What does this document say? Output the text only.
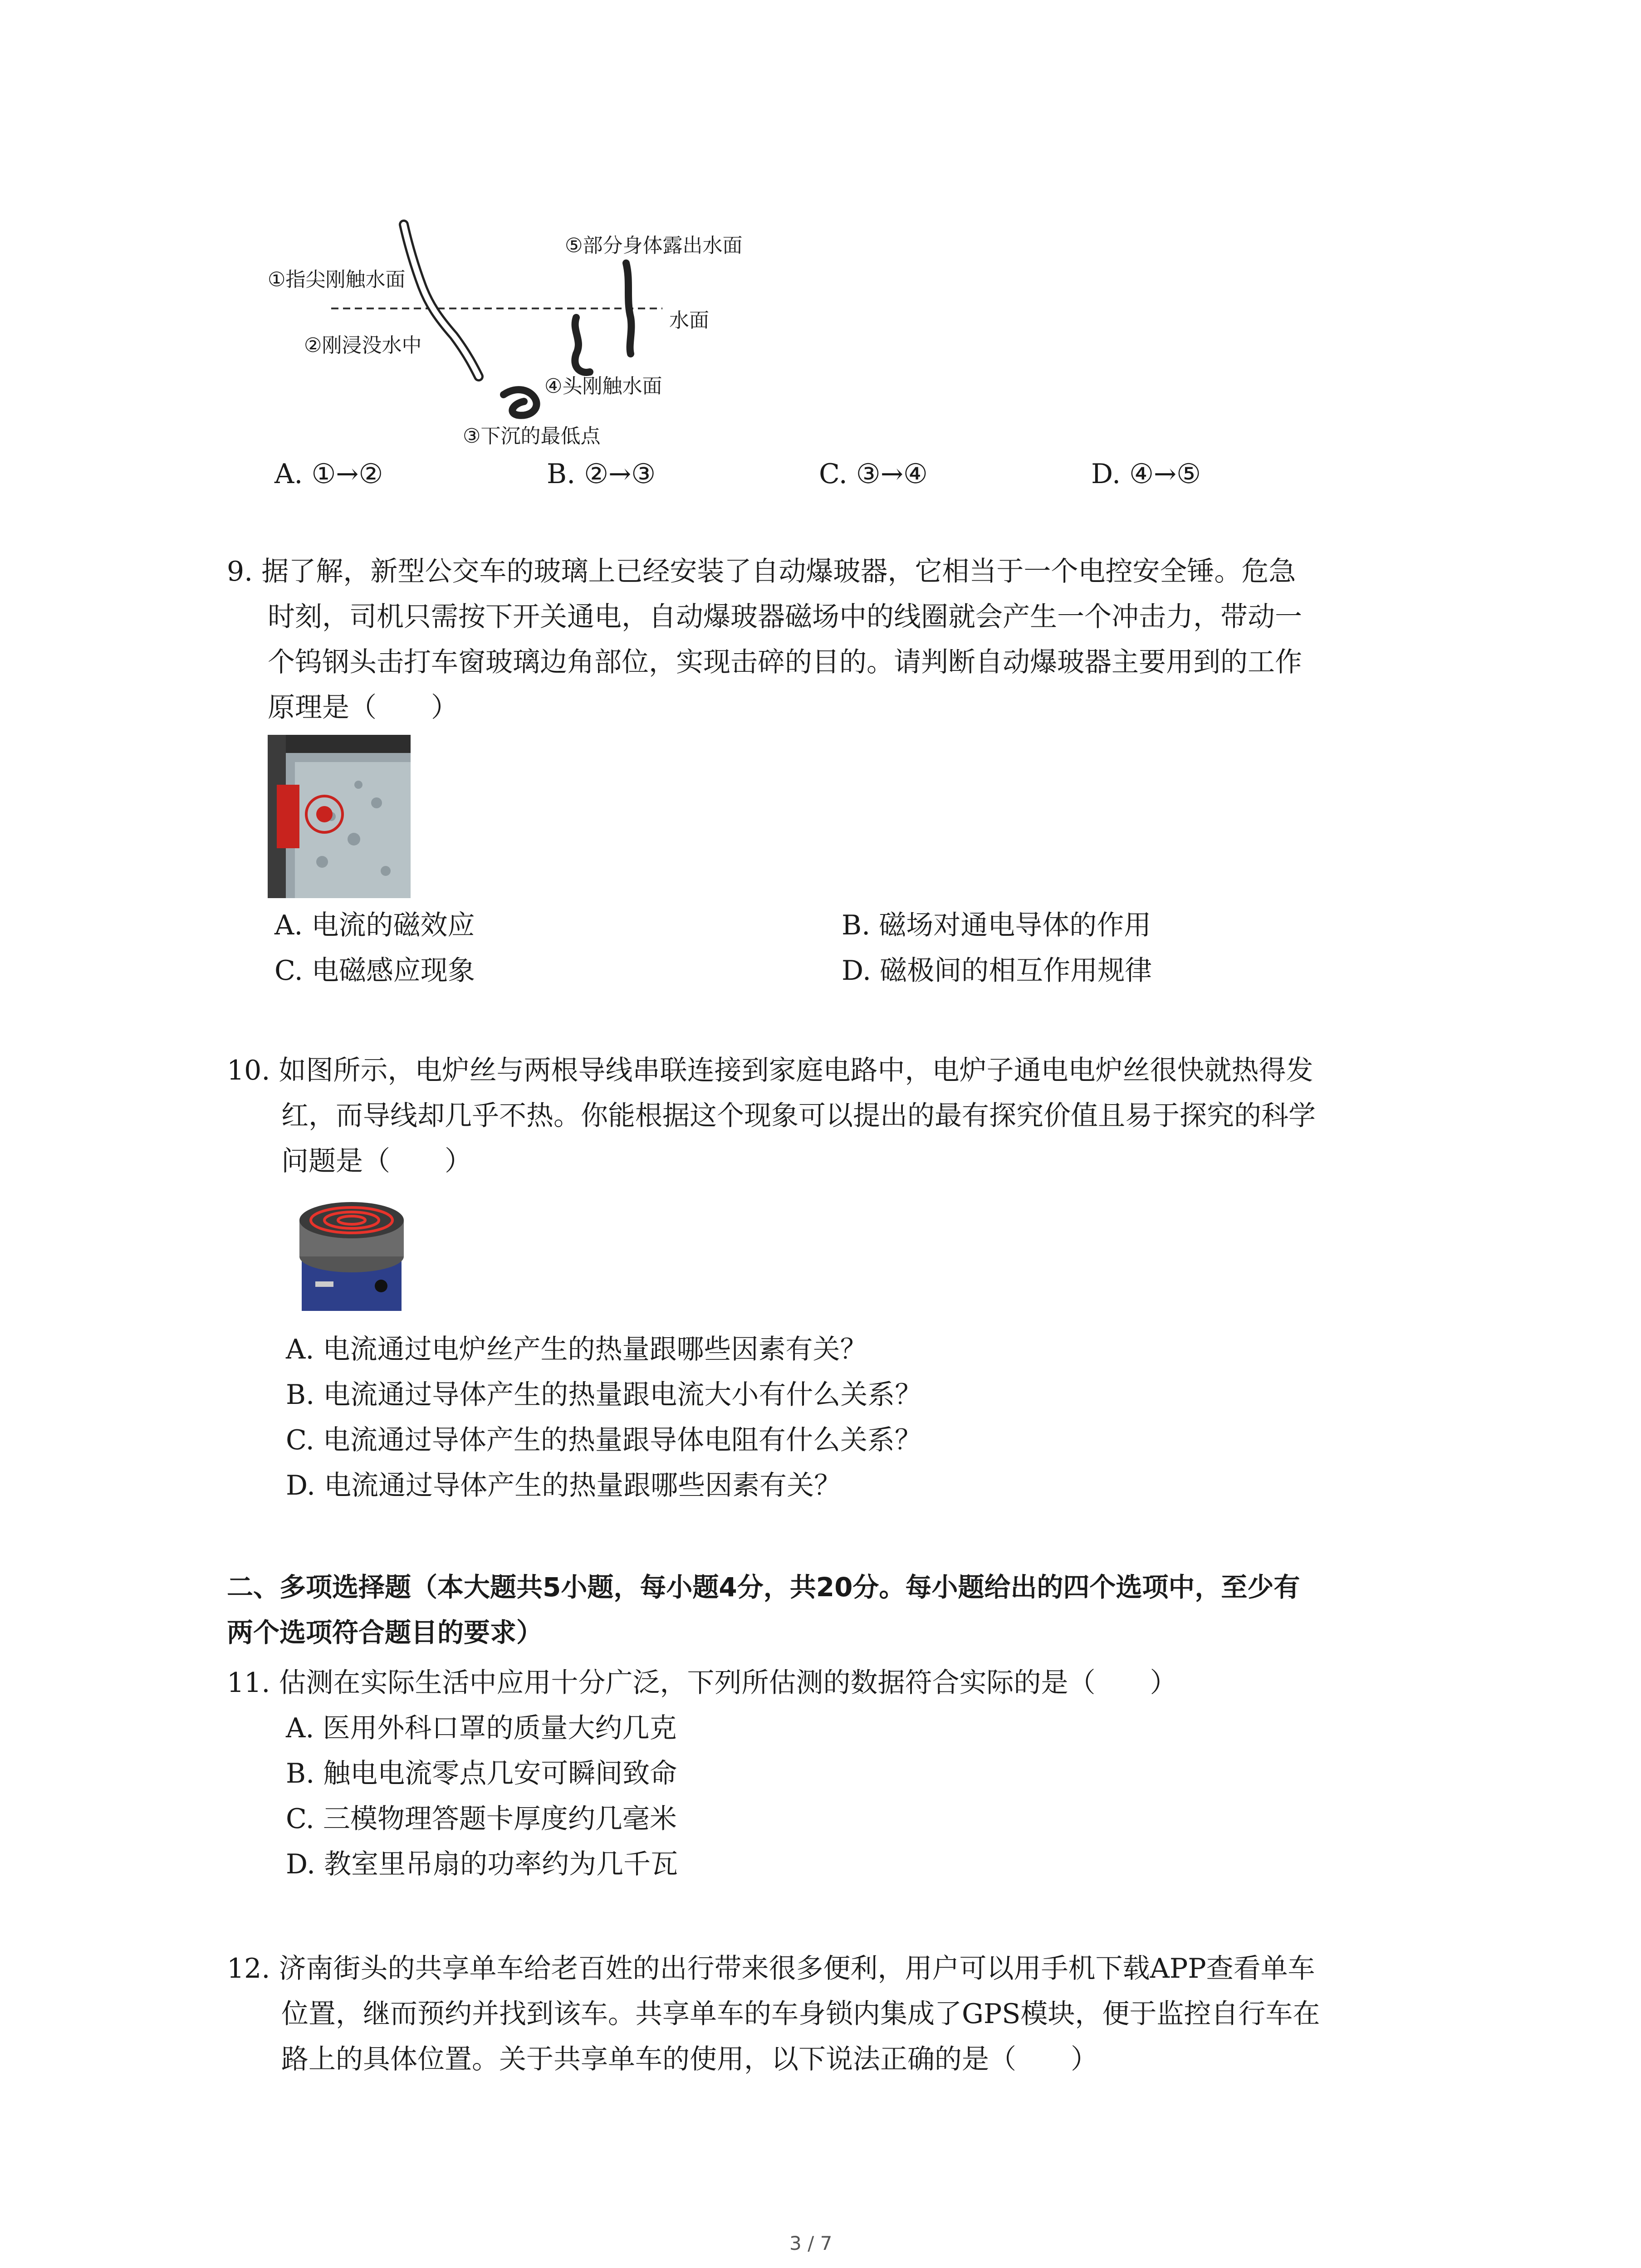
①指尖刚触水面
②刚浸没水中
③下沉的最低点
④头刚触水面
⑤部分身体露出水面
水面
A. ①→②	B. ②→③	C. ③→④	D. ④→⑤
9. 据了解，新型公交车的玻璃上已经安装了自动爆玻器，它相当于一个电控安全锤。危急
时刻，司机只需按下开关通电，自动爆玻器磁场中的线圈就会产生一个冲击力，带动一
个钨钢头击打车窗玻璃边角部位，实现击碎的目的。请判断自动爆玻器主要用到的工作
原理是（　　）
A. 电流的磁效应	B. 磁场对通电导体的作用
C. 电磁感应现象	D. 磁极间的相互作用规律
10. 如图所示，电炉丝与两根导线串联连接到家庭电路中，电炉子通电电炉丝很快就热得发
红，而导线却几乎不热。你能根据这个现象可以提出的最有探究价值且易于探究的科学
问题是（　　）
A. 电流通过电炉丝产生的热量跟哪些因素有关？
B. 电流通过导体产生的热量跟电流大小有什么关系？
C. 电流通过导体产生的热量跟导体电阻有什么关系？
D. 电流通过导体产生的热量跟哪些因素有关？
二、多项选择题（本大题共5小题，每小题4分，共20分。每小题给出的四个选项中，至少有
两个选项符合题目的要求）
11. 估测在实际生活中应用十分广泛，下列所估测的数据符合实际的是（　　）
A. 医用外科口罩的质量大约几克
B. 触电电流零点几安可瞬间致命
C. 三模物理答题卡厚度约几毫米
D. 教室里吊扇的功率约为几千瓦
12. 济南街头的共享单车给老百姓的出行带来很多便利，用户可以用手机下载APP查看单车
位置，继而预约并找到该车。共享单车的车身锁内集成了GPS模块，便于监控自行车在
路上的具体位置。关于共享单车的使用，以下说法正确的是（　　）
3 / 7
